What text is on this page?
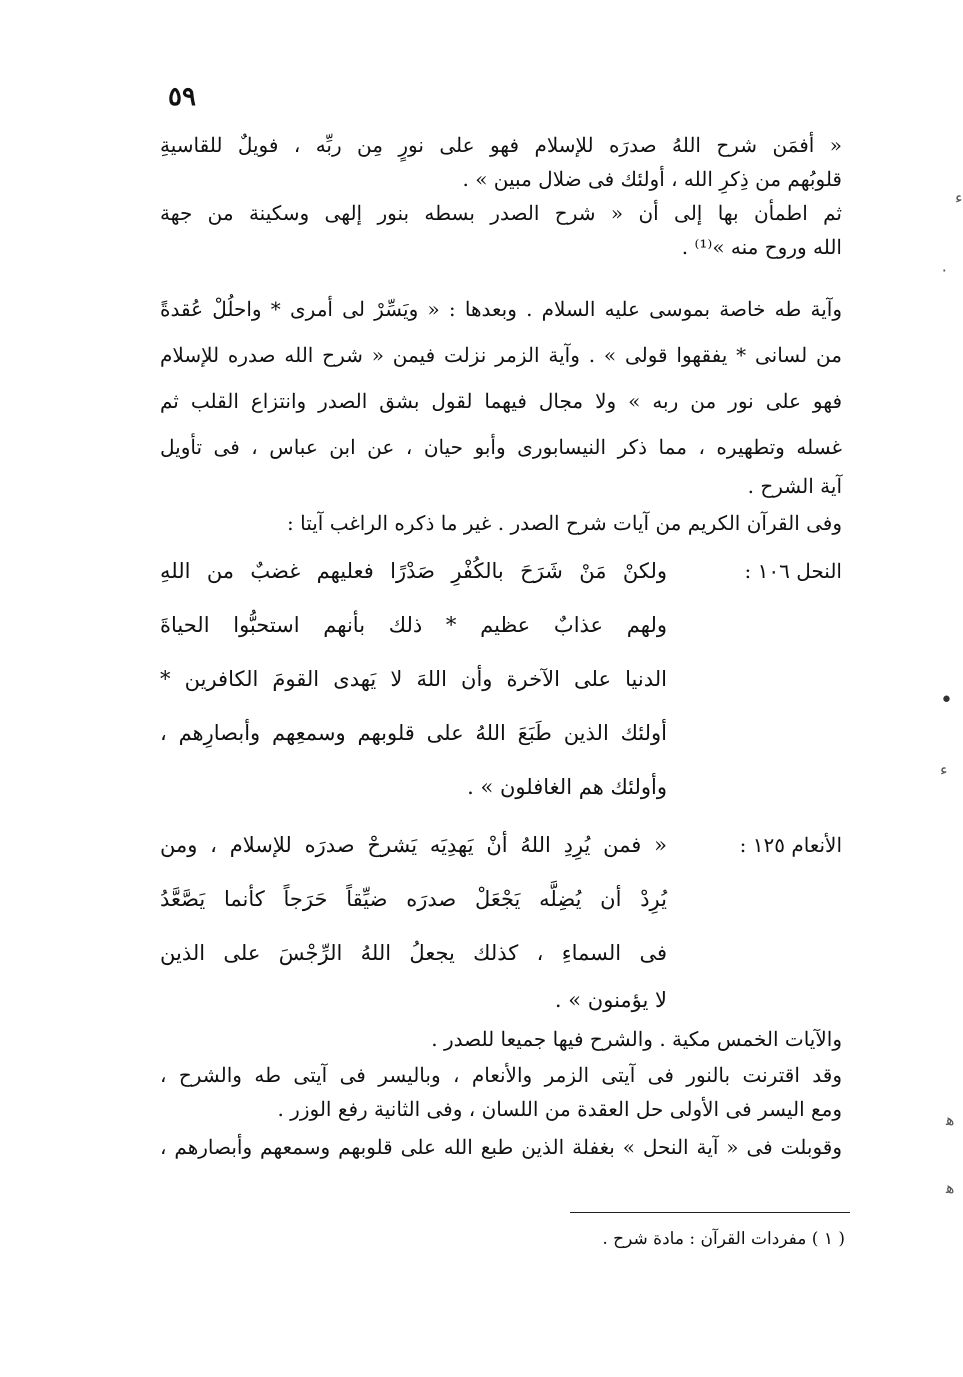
٥٩
« أفمَن شرح اللهُ صدرَه للإسلام فهو على نورٍ مِن ربِّه ، فويلٌ للقاسيةِ
قلوبُهم من ذِكرِ الله ، أولئك فى ضلال مبين » .
ثم اطمأن بها إلى أن « شرح الصدر بسطه بنور إلهى وسكينة من جهة
الله وروح منه »⁽¹⁾ .
وآية طه خاصة بموسى عليه السلام . وبعدها : « ويَسِّرْ لى أمرى * واحلُلْ عُقدةً
من لسانى * يفقهوا قولى » . وآية الزمر نزلت فيمن « شرح الله صدره للإسلام
فهو على نور من ربه » ولا مجال فيهما لقول بشق الصدر وانتزاع القلب ثم
غسله وتطهيره ، مما ذكر النيسابورى وأبو حيان ، عن ابن عباس ، فى تأويل
آية الشرح .
وفى القرآن الكريم من آيات شرح الصدر . غير ما ذكره الراغب آيتا :
النحل ١٠٦ :
ولكنْ مَنْ شَرَحَ بالكُفْرِ صَدْرًا فعليهم غضبٌ من اللهِ
ولهم عذابٌ عظيم * ذلك بأنهم استحبُّوا الحياةَ
الدنيا على الآخرة وأن اللهَ لا يَهدى القومَ الكافرين *
أولئك الذين طَبَعَ اللهُ على قلوبهم وسمعِهم وأبصارِهم ،
وأولئك هم الغافلون » .
الأنعام ١٢٥ :
« فمن يُرِدِ اللهُ أنْ يَهدِيَه يَشرحْ صدرَه للإسلام ، ومن
يُرِدْ أن يُضِلَّه يَجْعَلْ صدرَه ضيِّقاً حَرَجاً كأنما يَصَّعَّدُ
فى السماءِ ، كذلك يجعلُ اللهُ الرِّجْسَ على الذين
لا يؤمنون » .
والآيات الخمس مكية . والشرح فيها جميعا للصدر .
وقد اقترنت بالنور فى آيتى الزمر والأنعام ، وباليسر فى آيتى طه والشرح ،
ومع اليسر فى الأولى حل العقدة من اللسان ، وفى الثانية رفع الوزر .
وقوبلت فى « آية النحل » بغفلة الذين طبع الله على قلوبهم وسمعهم وأبصارهم ،
( ١ ) مفردات القرآن : مادة شرح .
ء
٠
•
ء
ﻫ
ﻫ
